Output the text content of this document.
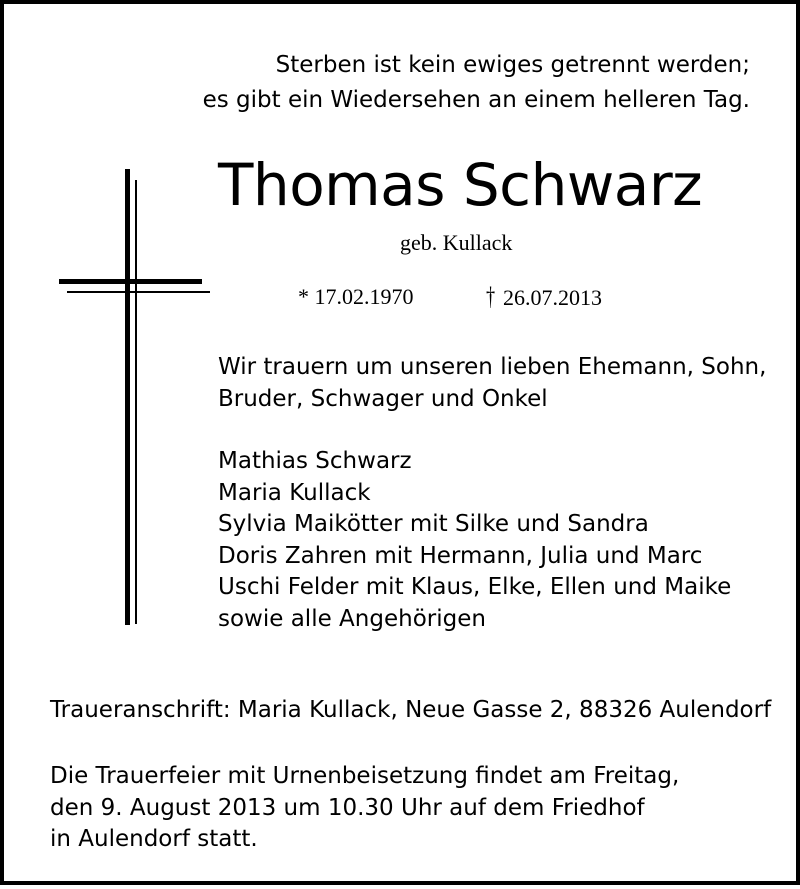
Sterben ist kein ewiges getrennt werden;
es gibt ein Wiedersehen an einem helleren Tag.
Thomas Schwarz
geb. Kullack
* 17.02.1970	† 26.07.2013
Wir trauern um unseren lieben Ehemann, Sohn,
Bruder, Schwager und Onkel
Mathias Schwarz
Maria Kullack
Sylvia Maikötter mit Silke und Sandra
Doris Zahren mit Hermann, Julia und Marc
Uschi Felder mit Klaus, Elke, Ellen und Maike
sowie alle Angehörigen
Traueranschrift: Maria Kullack, Neue Gasse 2, 88326 Aulendorf
Die Trauerfeier mit Urnenbeisetzung findet am Freitag,
den 9. August 2013 um 10.30 Uhr auf dem Friedhof
in Aulendorf statt.
